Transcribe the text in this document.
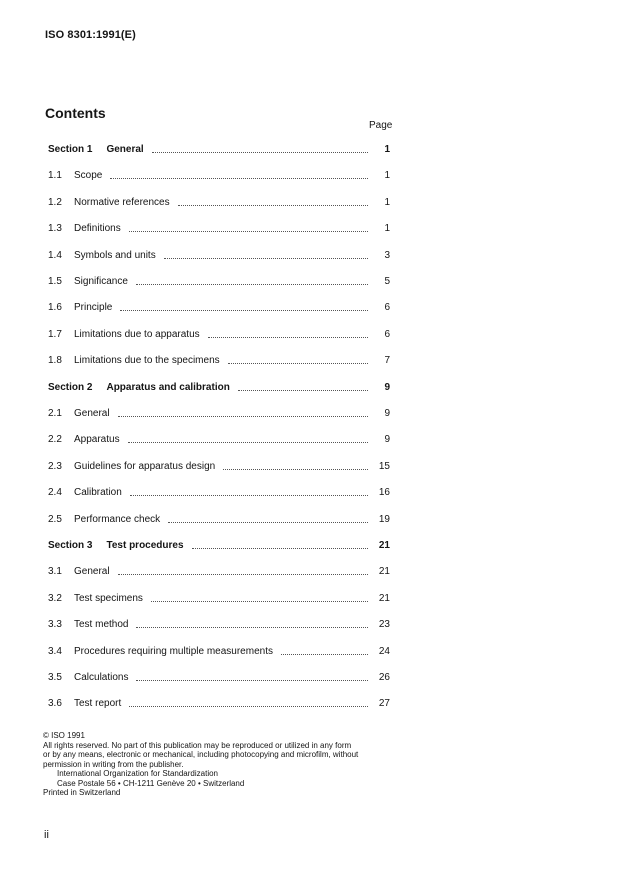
ISO 8301:1991(E)
Contents
Page
Section 1 General	1
1.1	Scope	1
1.2	Normative references	1
1.3	Definitions	1
1.4	Symbols and units	3
1.5	Significance	5
1.6	Principle	6
1.7	Limitations due to apparatus	6
1.8	Limitations due to the specimens	7
Section 2 Apparatus and calibration	9
2.1	General	9
2.2	Apparatus	9
2.3	Guidelines for apparatus design	15
2.4	Calibration	16
2.5	Performance check	19
Section 3 Test procedures	21
3.1	General	21
3.2	Test specimens	21
3.3	Test method	23
3.4	Procedures requiring multiple measurements	24
3.5	Calculations	26
3.6	Test report	27
© ISO 1991
All rights reserved. No part of this publication may be reproduced or utilized in any form
or by any means, electronic or mechanical, including photocopying and microfilm, without
permission in writing from the publisher.
International Organization for Standardization
Case Postale 56 • CH-1211 Genève 20 • Switzerland
Printed in Switzerland
ii
